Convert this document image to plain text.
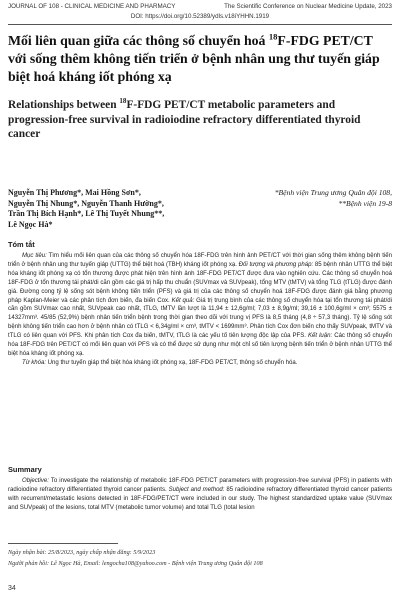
JOURNAL OF 108 - CLINICAL MEDICINE AND PHARMACY	The Scientific Conference on Nuclear Medicine Update, 2023
DOI: https://doi.org/10.52389/ydls.v18iYHHN.1919
Mối liên quan giữa các thông số chuyển hoá $^{18}$F-FDG PET/CT với sống thêm không tiến triển ở bệnh nhân ung thư tuyến giáp biệt hoá kháng iốt phóng xạ
Relationships between $^{18}$F-FDG PET/CT metabolic parameters and progression-free survival in radioiodine refractory differentiated thyroid cancer
Nguyễn Thị Phương*, Mai Hồng Sơn*,
Nguyễn Thị Nhung*, Nguyễn Thanh Hường*,
Trần Thị Bích Hạnh*, Lê Thị Tuyết Nhung**,
Lê Ngọc Hà*
*Bệnh viện Trung ương Quân đội 108,
**Bệnh viện 19-8
Tóm tắt
Mục tiêu: Tìm hiểu mối liên quan của các thông số chuyển hóa 18F-FDG trên hình ảnh PET/CT với thời gian sống thêm không bệnh tiến triển ở bệnh nhân ung thư tuyến giáp (UTTG) thể biệt hoá (TBH) kháng iốt phóng xạ. Đối tượng và phương pháp: 85 bệnh nhân UTTG thể biệt hóa kháng iốt phóng xạ có tổn thương được phát hiện trên hình ảnh 18F-FDG PET/CT được đưa vào nghiên cứu. Các thông số chuyển hoá 18F-FDG ở tổn thương tái phát/di căn gồm các giá trị hấp thu chuẩn (SUVmax và SUVpeak), tổng MTV (tMTV) và tổng TLG (tTLG) được đánh giá. Đường cong tỷ lệ sống sót bệnh không tiến triển (PFS) và giá trị của các thông số chuyển hoá 18F-FDG được đánh giá bằng phương pháp Kaplan-Meier và các phân tích đơn biến, đa biến Cox. Kết quả: Giá trị trung bình của các thông số chuyển hóa tại tổn thương tái phát/di căn gồm SUVmax cao nhất, SUVpeak cao nhất, tTLG, tMTV lần lượt là 11,94 ± 12,6g/ml; 7,03 ± 8,9g/ml; 39,16 ± 100,6g/ml × cm³; 5575 ± 14327mm³. 45/85 (52,9%) bệnh nhân tiến triển bệnh trong thời gian theo dõi với trung vị PFS là 8,5 tháng (4,8 ÷ 57,3 tháng). Tỷ lệ sống sót bệnh không tiến triển cao hơn ở bệnh nhân có tTLG < 6,34g/ml × cm³, tMTV < 1699mm³. Phân tích Cox đơn biến cho thấy SUVpeak, tMTV và tTLG có liên quan với PFS. Khi phân tích Cox đa biến, tMTV, tTLG là các yếu tố tiên lượng độc lập của PFS. Kết luận: Các thông số chuyển hóa 18F-FDG trên PET/CT có mối liên quan với PFS và có thể được sử dụng như một chỉ số tiên lượng bệnh tiến triển ở bệnh nhân UTTG thể biệt hóa kháng iốt phóng xạ.
Từ khóa: Ung thư tuyến giáp thể biệt hóa kháng iốt phóng xạ, 18F-FDG PET/CT, thông số chuyển hóa.
Summary
Objective: To investigate the relationship of metabolic 18F-FDG PET/CT parameters with progression-free survival (PFS) in patients with radioiodine refractory differentiated thyroid cancer patients. Subject and method: 85 radioiodine refractory differentiated thyroid cancer patients with recurrent/metastatic lesions detected in 18F-FDG/PET/CT were included in our study. The highest standardized uptake value (SUVmax and SUVpeak) of the lesions, total MTV (metabolic tumor volume) and total TLG (total lesion
Ngày nhận bài: 25/8/2023, ngày chấp nhận đăng: 5/9/2023
Người phản hồi: Lê Ngọc Hà, Email: lengocha108@yahoo.com - Bệnh viện Trung ương Quân đội 108
34
